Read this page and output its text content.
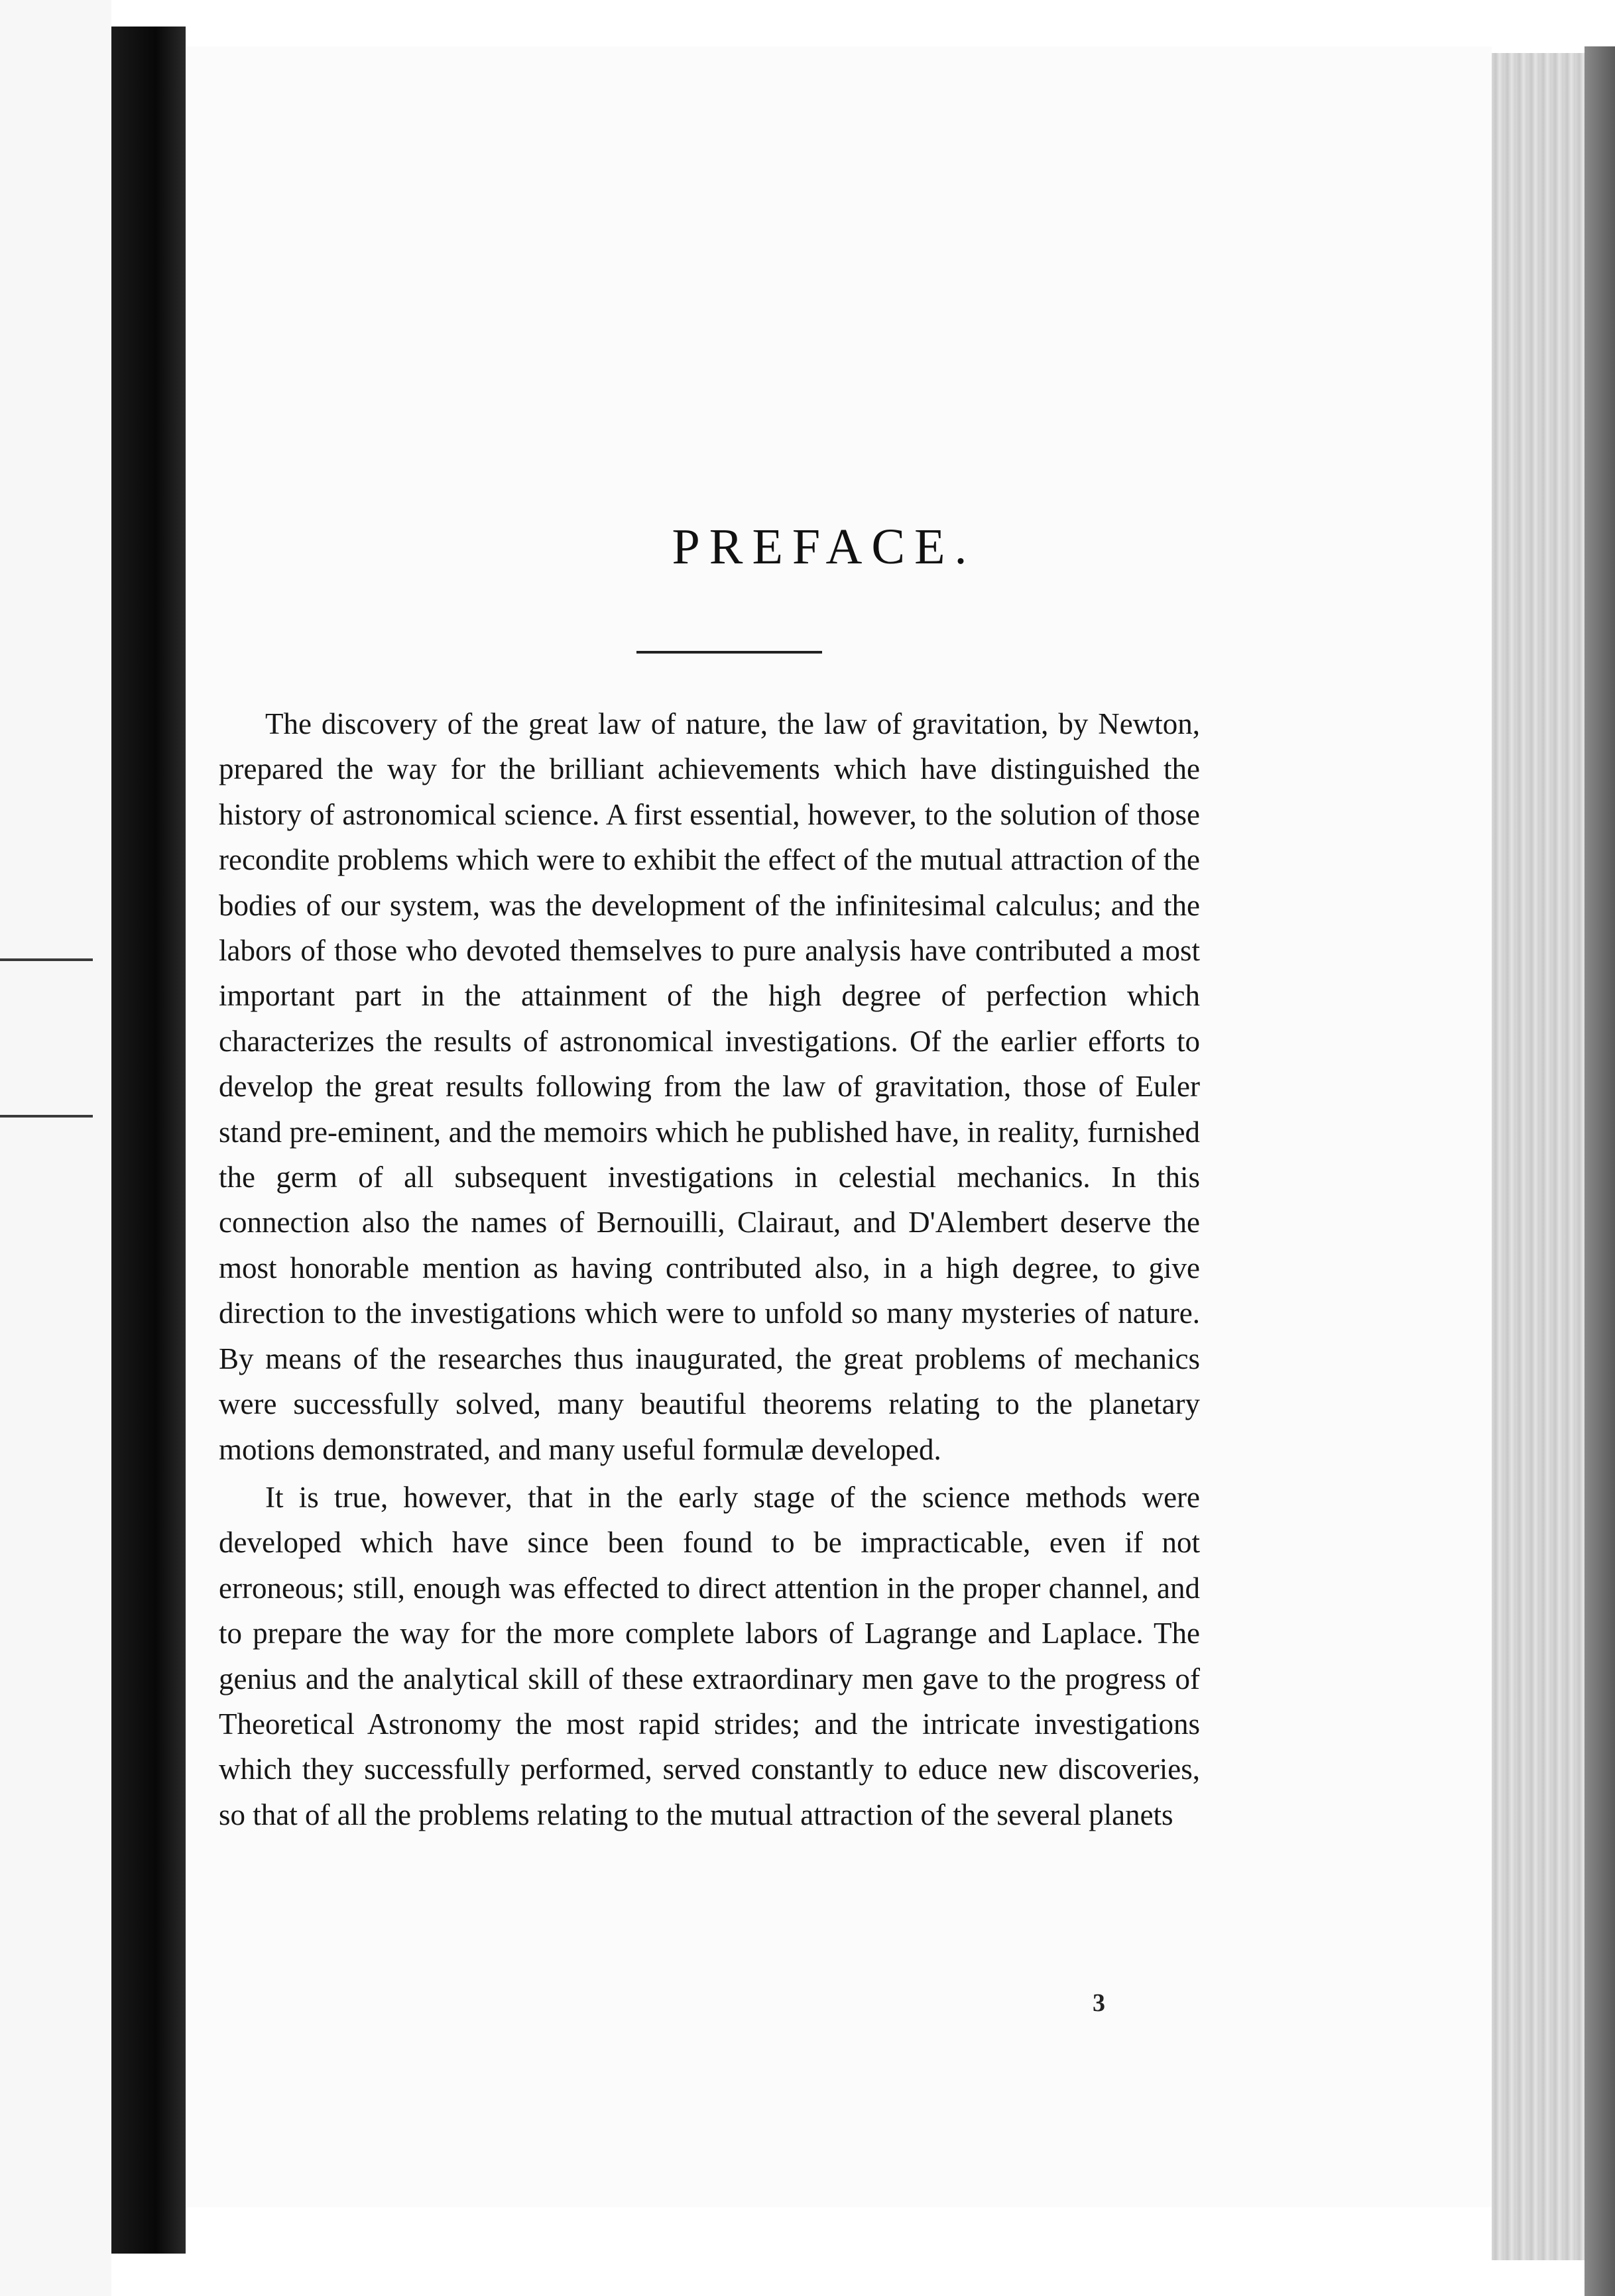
PREFACE.

The discovery of the great law of nature, the law of gravitation, by Newton, prepared the way for the brilliant achievements which have distinguished the history of astronomical science. A first essential, however, to the solution of those recondite problems which were to exhibit the effect of the mutual attraction of the bodies of our system, was the development of the infinitesimal calculus; and the labors of those who devoted themselves to pure analysis have contributed a most important part in the attainment of the high degree of perfection which characterizes the results of astronomical investigations. Of the earlier efforts to develop the great results following from the law of gravitation, those of Euler stand pre-eminent, and the memoirs which he published have, in reality, furnished the germ of all subsequent investigations in celestial mechanics. In this connection also the names of Bernouilli, Clairaut, and D'Alembert deserve the most honorable mention as having contributed also, in a high degree, to give direction to the investigations which were to unfold so many mysteries of nature. By means of the researches thus inaugurated, the great problems of mechanics were successfully solved, many beautiful theorems relating to the planetary motions demonstrated, and many useful formulæ developed.

It is true, however, that in the early stage of the science methods were developed which have since been found to be impracticable, even if not erroneous; still, enough was effected to direct attention in the proper channel, and to prepare the way for the more complete labors of Lagrange and Laplace. The genius and the analytical skill of these extraordinary men gave to the progress of Theoretical Astronomy the most rapid strides; and the intricate investigations which they successfully performed, served constantly to educe new discoveries, so that of all the problems relating to the mutual attraction of the several planets

3
